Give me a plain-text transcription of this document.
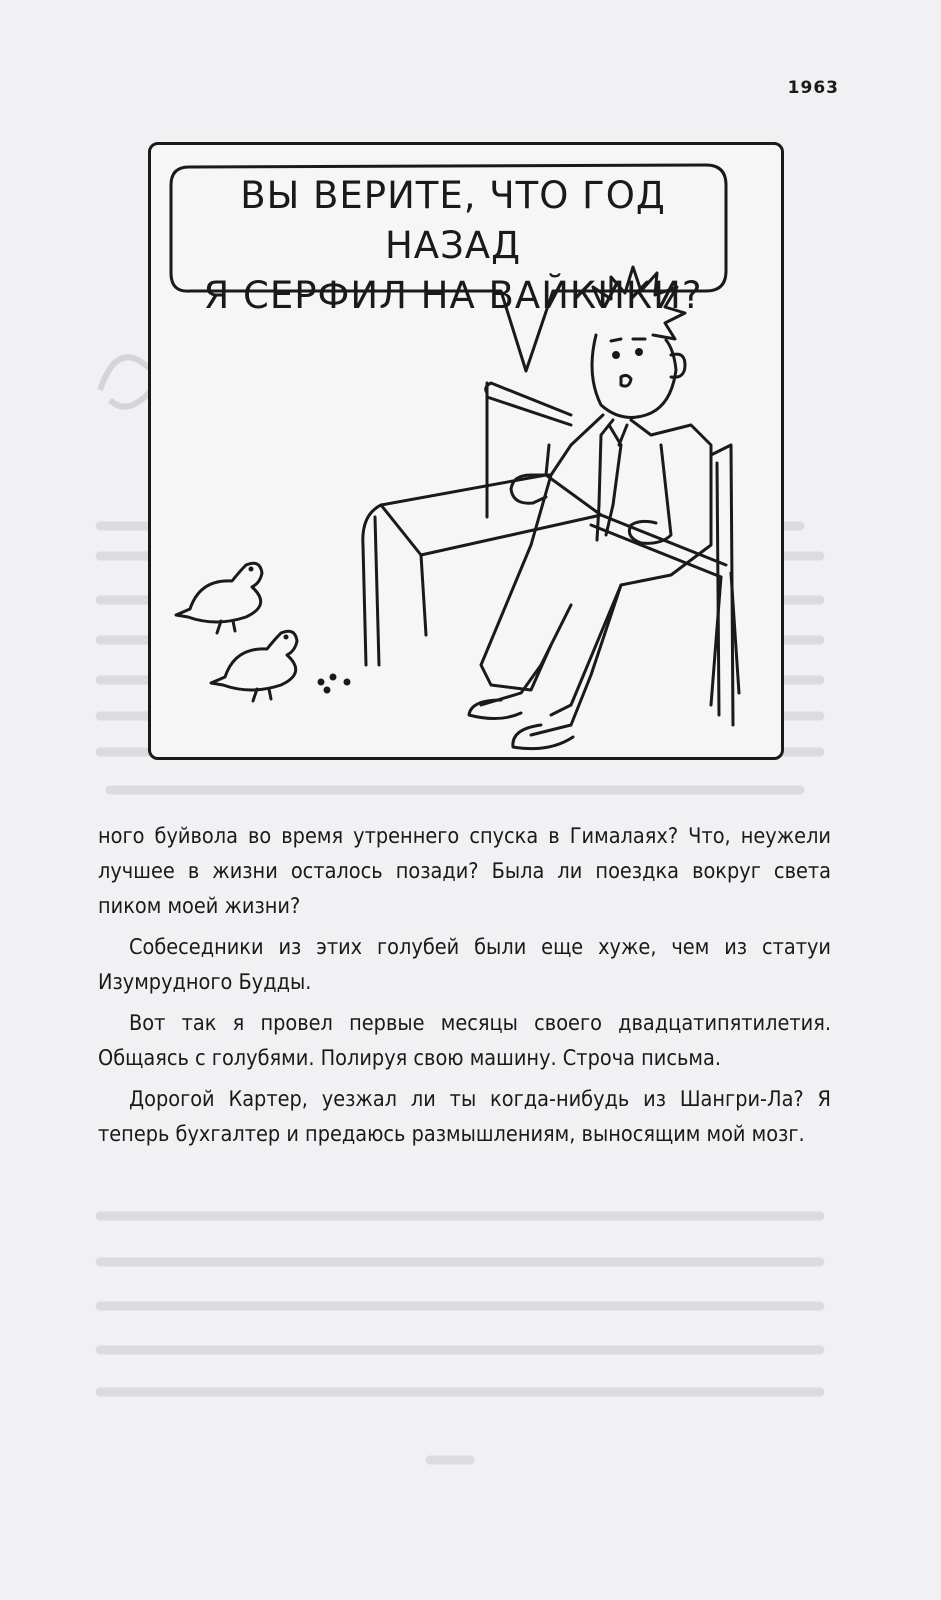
1963
ВЫ ВЕРИТЕ, ЧТО ГОД НАЗАД
Я СЕРФИЛ НА ВАЙКИКИ?

ного буйвола во время утреннего спуска в Гималаях? Что, неужели лучшее в жизни осталось позади? Была ли поездка вокруг света пиком моей жизни?

Собеседники из этих голубей были еще хуже, чем из статуи Изумрудного Будды.

Вот так я провел первые месяцы своего двадцатипятилетия. Общаясь с голубями. Полируя свою машину. Строча письма.

Дорогой Картер, уезжал ли ты когда-нибудь из Шангри-Ла? Я теперь бухгалтер и предаюсь размышлениям, выносящим мой мозг.
